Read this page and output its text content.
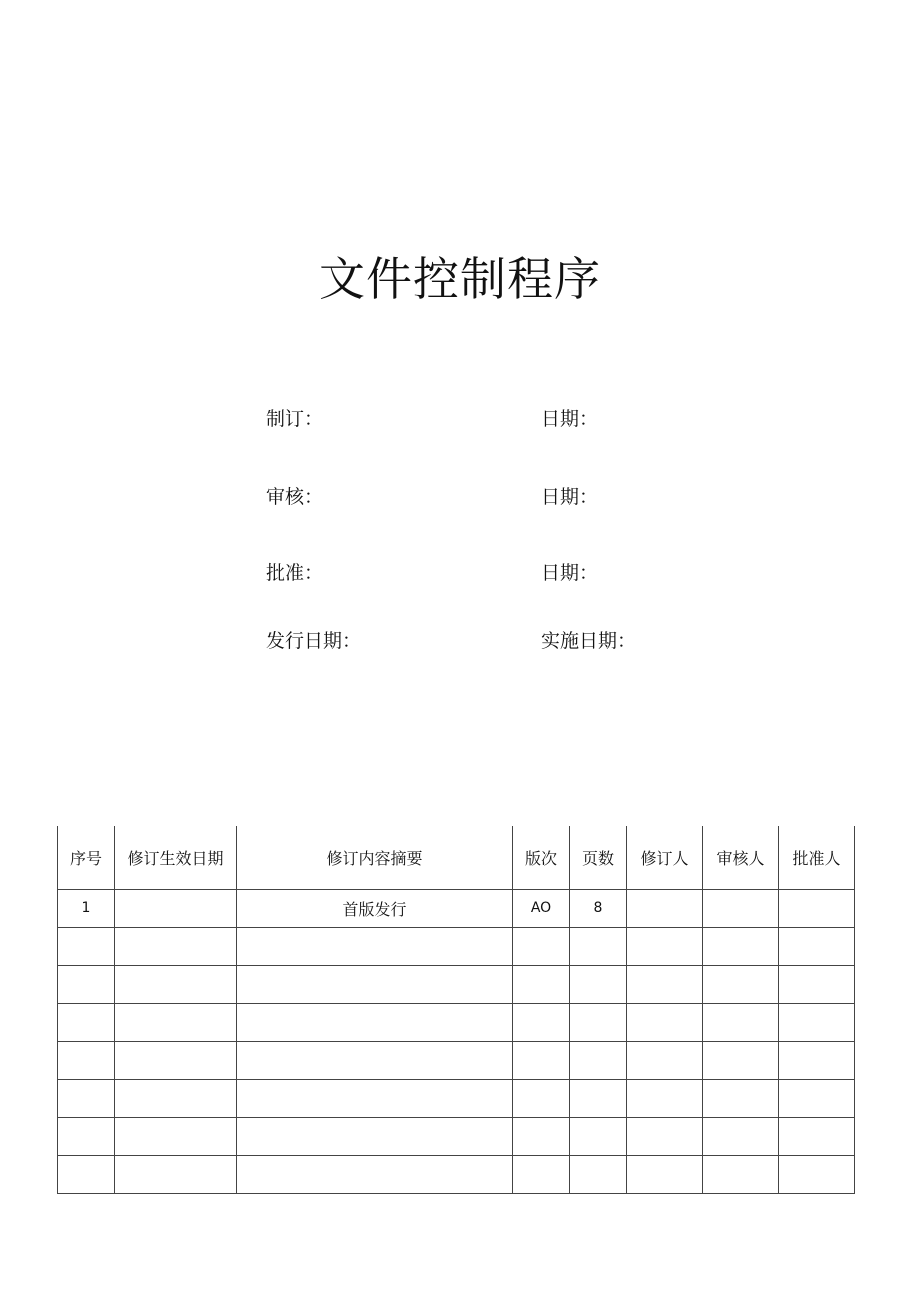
文件控制程序
制订：	日期：
审核：	日期：
批准：	日期：
发行日期：	实施日期：
序号	修订生效日期	修订内容摘要	版次	页数	修订人	审核人	批准人
1		首版发行	AO	8			
